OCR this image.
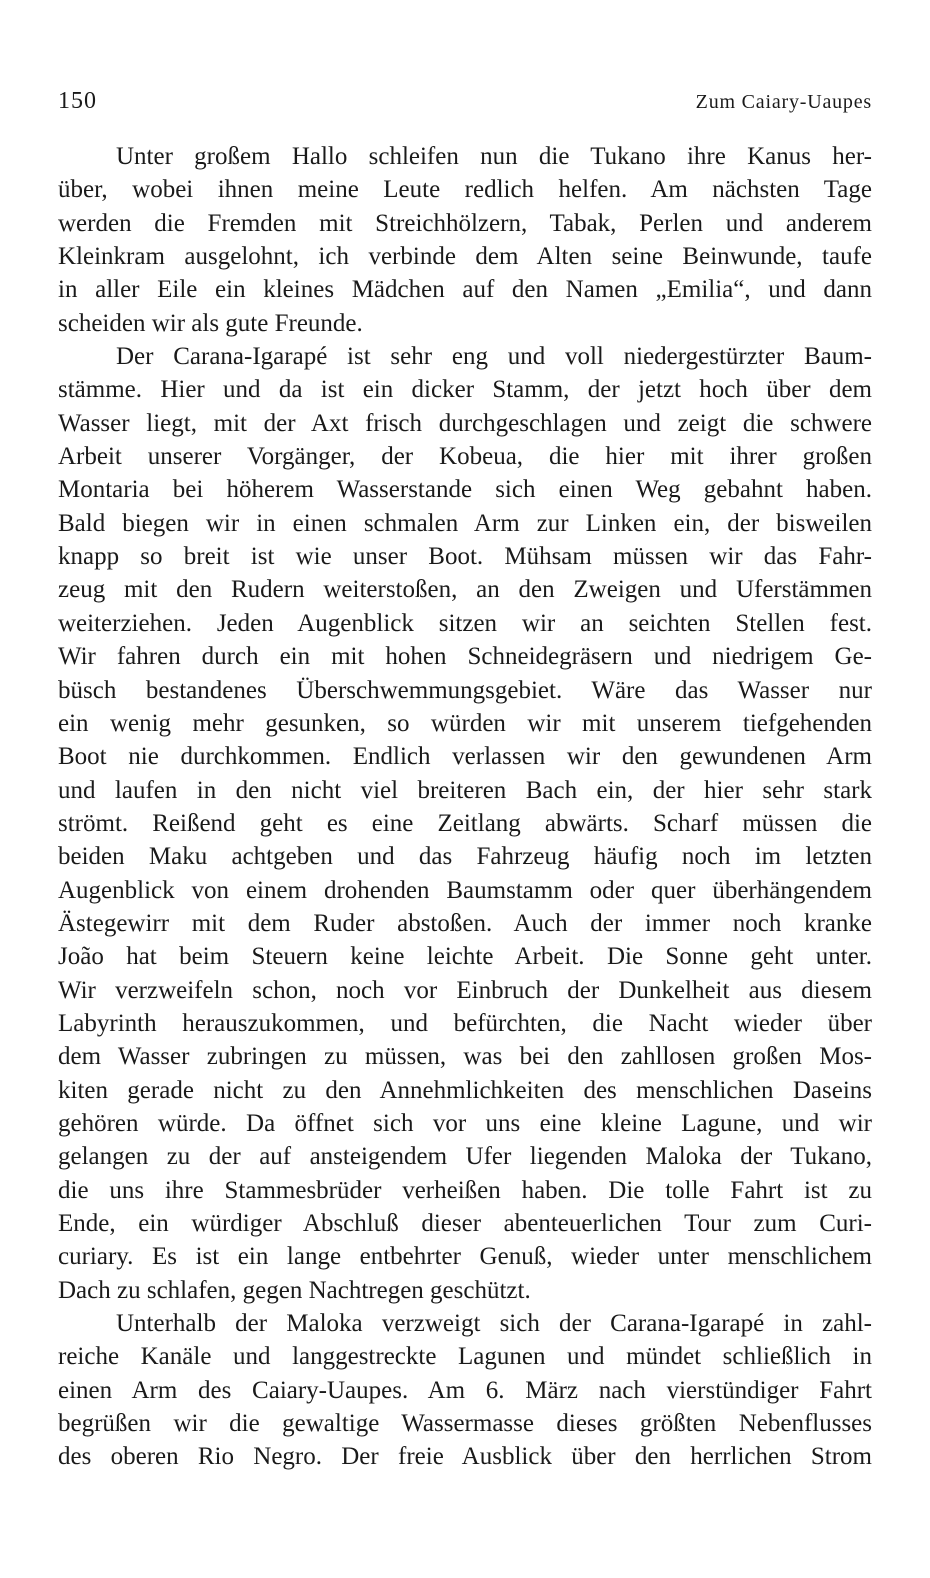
150	Zum Caiary-Uaupes
Unter großem Hallo schleifen nun die Tukano ihre Kanus her-
über, wobei ihnen meine Leute redlich helfen. Am nächsten Tage
werden die Fremden mit Streichhölzern, Tabak, Perlen und anderem
Kleinkram ausgelohnt, ich verbinde dem Alten seine Beinwunde, taufe
in aller Eile ein kleines Mädchen auf den Namen „Emilia“, und dann
scheiden wir als gute Freunde.
Der Carana-Igarapé ist sehr eng und voll niedergestürzter Baum-
stämme. Hier und da ist ein dicker Stamm, der jetzt hoch über dem
Wasser liegt, mit der Axt frisch durchgeschlagen und zeigt die schwere
Arbeit unserer Vorgänger, der Kobeua, die hier mit ihrer großen
Montaria bei höherem Wasserstande sich einen Weg gebahnt haben.
Bald biegen wir in einen schmalen Arm zur Linken ein, der bisweilen
knapp so breit ist wie unser Boot. Mühsam müssen wir das Fahr-
zeug mit den Rudern weiterstoßen, an den Zweigen und Uferstämmen
weiterziehen. Jeden Augenblick sitzen wir an seichten Stellen fest.
Wir fahren durch ein mit hohen Schneidegräsern und niedrigem Ge-
büsch bestandenes Überschwemmungsgebiet. Wäre das Wasser nur
ein wenig mehr gesunken, so würden wir mit unserem tiefgehenden
Boot nie durchkommen. Endlich verlassen wir den gewundenen Arm
und laufen in den nicht viel breiteren Bach ein, der hier sehr stark
strömt. Reißend geht es eine Zeitlang abwärts. Scharf müssen die
beiden Maku achtgeben und das Fahrzeug häufig noch im letzten
Augenblick von einem drohenden Baumstamm oder quer überhängendem
Ästegewirr mit dem Ruder abstoßen. Auch der immer noch kranke
João hat beim Steuern keine leichte Arbeit. Die Sonne geht unter.
Wir verzweifeln schon, noch vor Einbruch der Dunkelheit aus diesem
Labyrinth herauszukommen, und befürchten, die Nacht wieder über
dem Wasser zubringen zu müssen, was bei den zahllosen großen Mos-
kiten gerade nicht zu den Annehmlichkeiten des menschlichen Daseins
gehören würde. Da öffnet sich vor uns eine kleine Lagune, und wir
gelangen zu der auf ansteigendem Ufer liegenden Maloka der Tukano,
die uns ihre Stammesbrüder verheißen haben. Die tolle Fahrt ist zu
Ende, ein würdiger Abschluß dieser abenteuerlichen Tour zum Curi-
curiary. Es ist ein lange entbehrter Genuß, wieder unter menschlichem
Dach zu schlafen, gegen Nachtregen geschützt.
Unterhalb der Maloka verzweigt sich der Carana-Igarapé in zahl-
reiche Kanäle und langgestreckte Lagunen und mündet schließlich in
einen Arm des Caiary-Uaupes. Am 6. März nach vierstündiger Fahrt
begrüßen wir die gewaltige Wassermasse dieses größten Nebenflusses
des oberen Rio Negro. Der freie Ausblick über den herrlichen Strom
